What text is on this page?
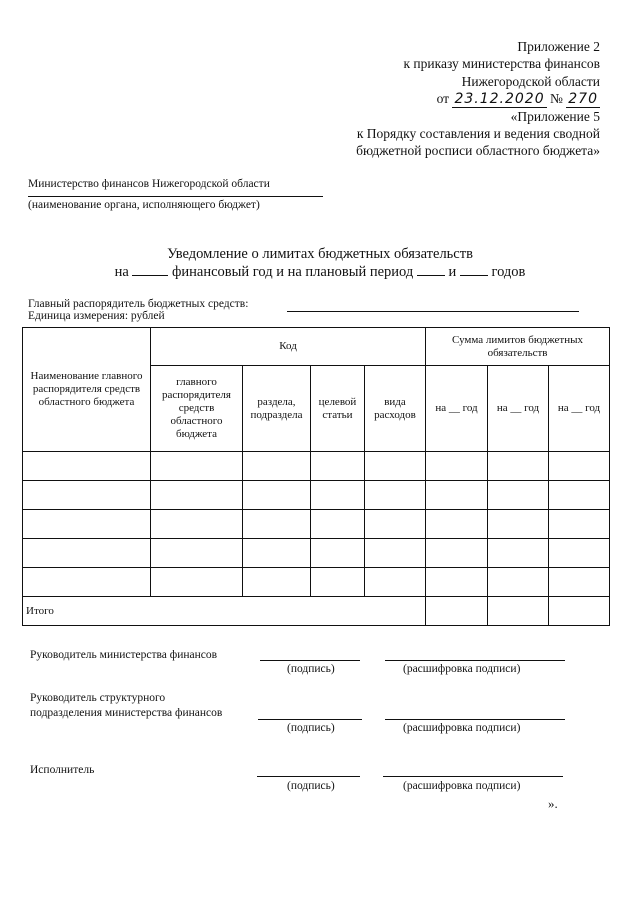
Приложение 2
к приказу министерства финансов
Нижегородской области
от 23.12.2020 № 270
«Приложение 5
к Порядку составления и ведения сводной
бюджетной росписи областного бюджета»
Министерство финансов Нижегородской области
(наименование органа, исполняющего бюджет)
Уведомление о лимитах бюджетных обязательств
на	финансовый год и на плановый период и годов
Главный распорядитель бюджетных средств:
Единица измерения: рублей
Наименование главного распорядителя средств областного бюджета	Код				Сумма лимитов бюджетных обязательств		
	главного распорядителя средств областного бюджета	раздела, подраздела	целевой статьи	вида расходов	на __ год	на __ год	на __ год

Итого							
Руководитель министерства финансов
(подпись)	(расшифровка подписи)
Руководитель структурного
подразделения министерства финансов
(подпись)	(расшифровка подписи)
Исполнитель
(подпись)	(расшифровка подписи)
».
